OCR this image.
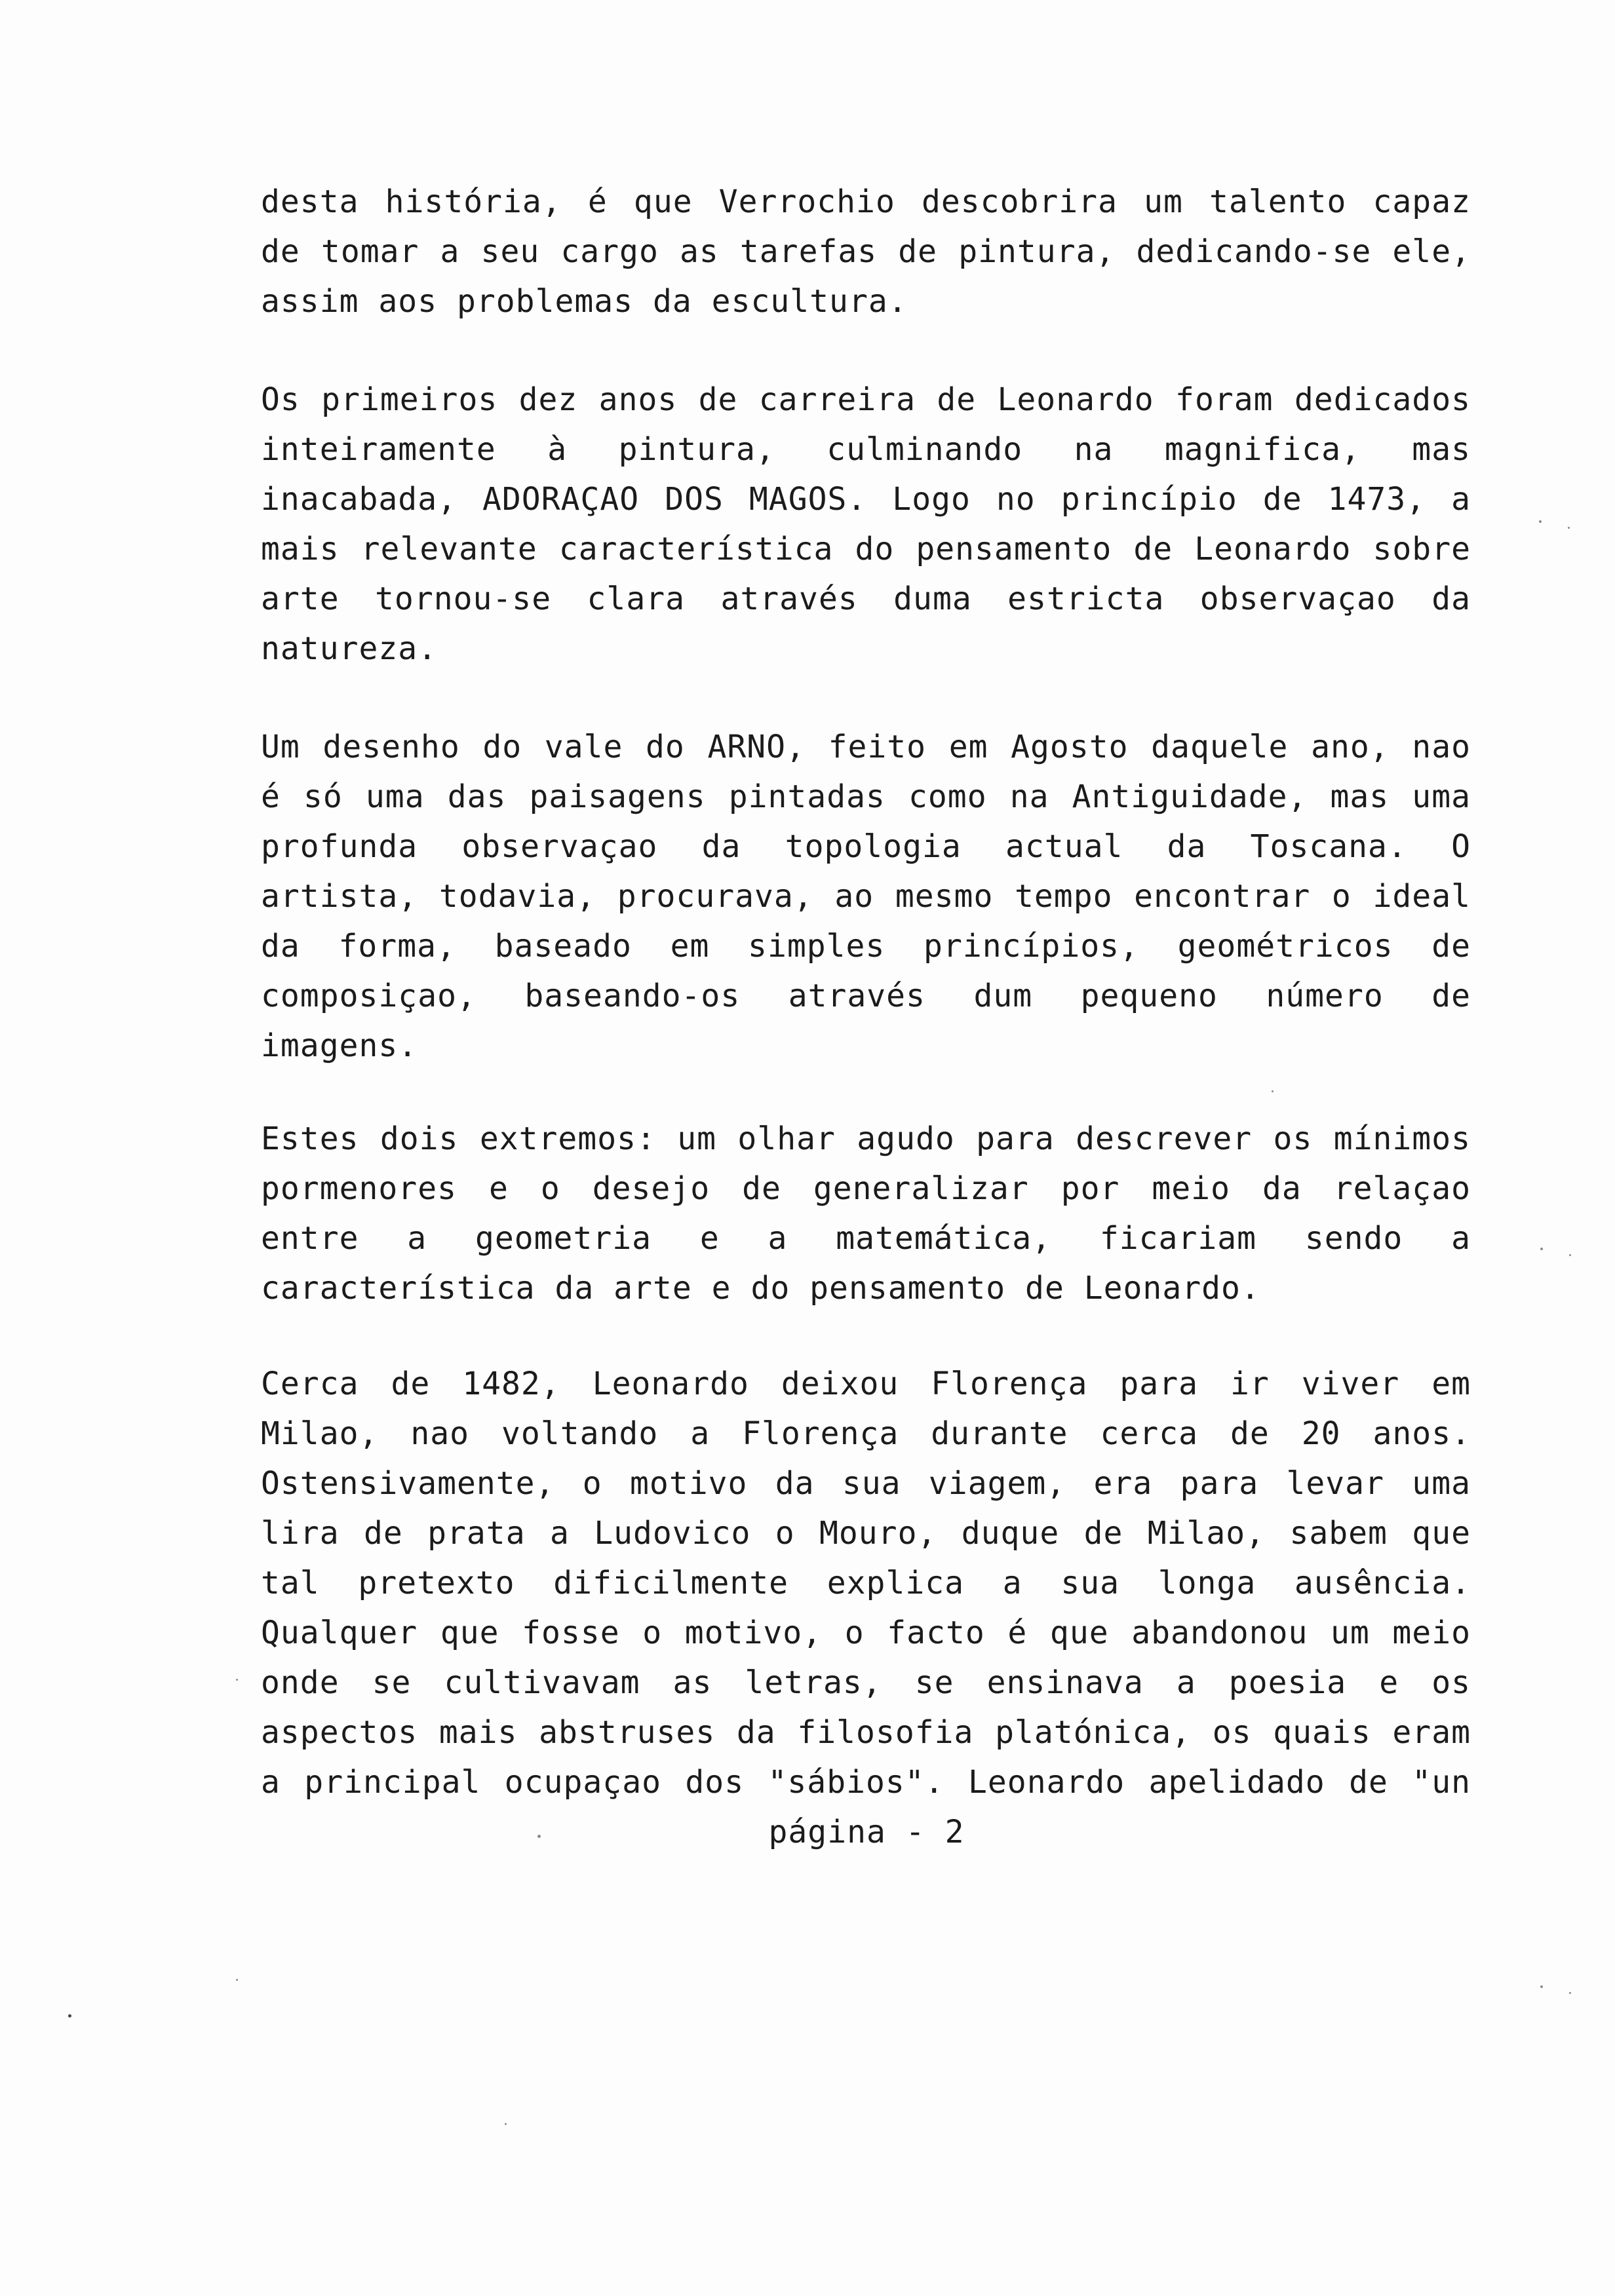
desta história, é que Verrochio descobrira um talento capaz
de tomar a seu cargo as tarefas de pintura, dedicando-se ele,
assim aos problemas da escultura.
Os primeiros dez anos de carreira de Leonardo foram dedicados
inteiramente à pintura, culminando na magnifica, mas
inacabada, ADORAÇAO DOS MAGOS. Logo no princípio de 1473, a
mais relevante característica do pensamento de Leonardo sobre
arte tornou-se clara através duma estricta observaçao da
natureza.
Um desenho do vale do ARNO, feito em Agosto daquele ano, nao
é só uma das paisagens pintadas como na Antiguidade, mas uma
profunda observaçao da topologia actual da Toscana. O
artista, todavia, procurava, ao mesmo tempo encontrar o ideal
da forma, baseado em simples princípios, geométricos de
composiçao, baseando-os através dum pequeno número de
imagens.
Estes dois extremos: um olhar agudo para descrever os mínimos
pormenores e o desejo de generalizar por meio da relaçao
entre a geometria e a matemática, ficariam sendo a
característica da arte e do pensamento de Leonardo.
Cerca de 1482, Leonardo deixou Florença para ir viver em
Milao, nao voltando a Florença durante cerca de 20 anos.
Ostensivamente, o motivo da sua viagem, era para levar uma
lira de prata a Ludovico o Mouro, duque de Milao, sabem que
tal pretexto dificilmente explica a sua longa ausência.
Qualquer que fosse o motivo, o facto é que abandonou um meio
onde se cultivavam as letras, se ensinava a poesia e os
aspectos mais abstruses da filosofia platónica, os quais eram
a principal ocupaçao dos "sábios". Leonardo apelidado de "un
página - 2
